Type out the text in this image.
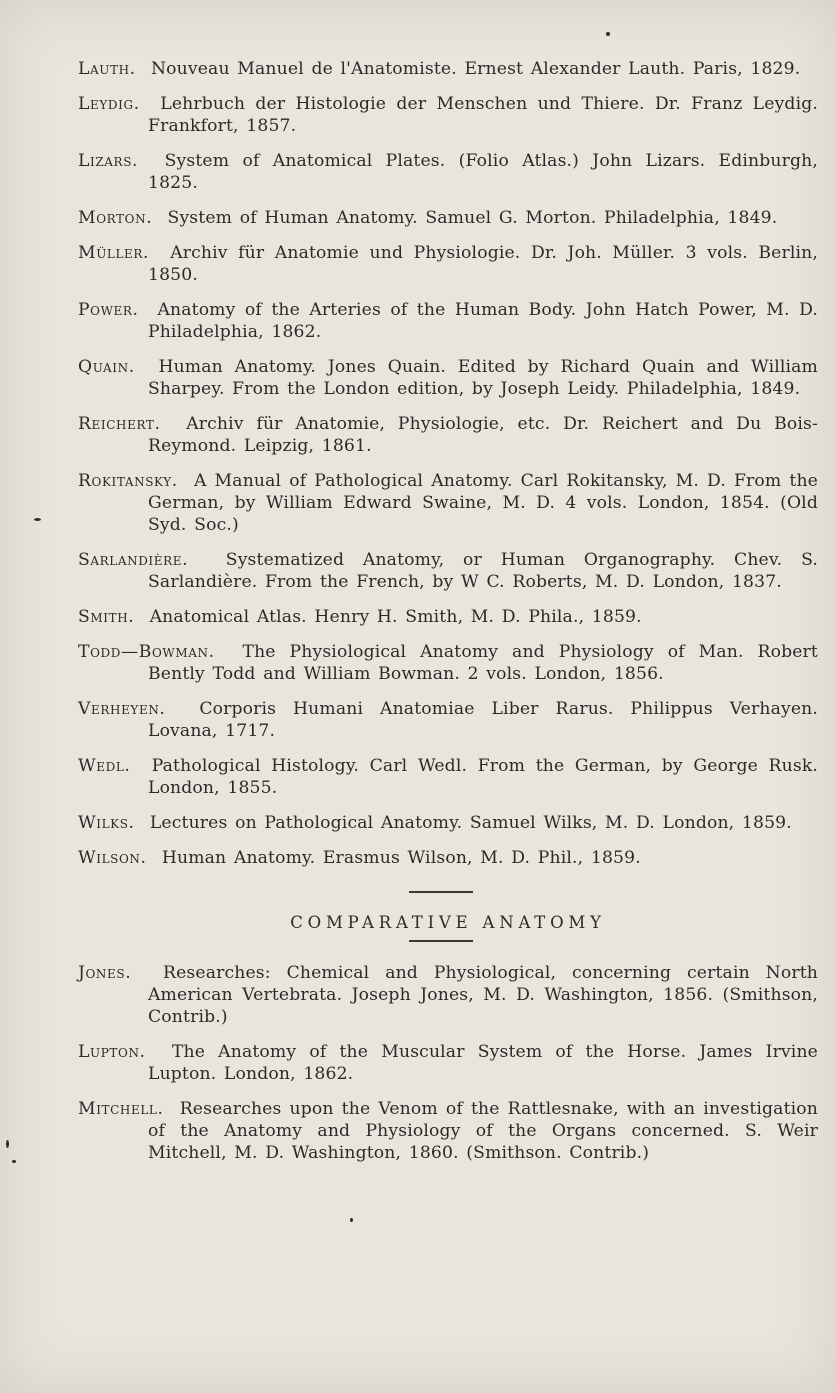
Lauth. Nouveau Manuel de l'Anatomiste. Ernest Alexander Lauth. Paris, 1829.

Leydig. Lehrbuch der Histologie der Menschen und Thiere. Dr. Franz Leydig. Frankfort, 1857.

Lizars. System of Anatomical Plates. (Folio Atlas.) John Lizars. Edinburgh, 1825.

Morton. System of Human Anatomy. Samuel G. Morton. Philadelphia, 1849.

Müller. Archiv für Anatomie und Physiologie. Dr. Joh. Müller. 3 vols. Berlin, 1850.

Power. Anatomy of the Arteries of the Human Body. John Hatch Power, M. D. Philadelphia, 1862.

Quain. Human Anatomy. Jones Quain. Edited by Richard Quain and William Sharpey. From the London edition, by Joseph Leidy. Philadelphia, 1849.

Reichert. Archiv für Anatomie, Physiologie, etc. Dr. Reichert and Du Bois-Reymond. Leipzig, 1861.

Rokitansky. A Manual of Pathological Anatomy. Carl Rokitansky, M. D. From the German, by William Edward Swaine, M. D. 4 vols. London, 1854. (Old Syd. Soc.)

Sarlandière. Systematized Anatomy, or Human Organography. Chev. S. Sarlandière. From the French, by W C. Roberts, M. D. London, 1837.

Smith. Anatomical Atlas. Henry H. Smith, M. D. Phila., 1859.

Todd—Bowman. The Physiological Anatomy and Physiology of Man. Robert Bently Todd and William Bowman. 2 vols. London, 1856.

Verheyen. Corporis Humani Anatomiae Liber Rarus. Philippus Verhayen. Lovana, 1717.

Wedl. Pathological Histology. Carl Wedl. From the German, by George Rusk. London, 1855.

Wilks. Lectures on Pathological Anatomy. Samuel Wilks, M. D. London, 1859.

Wilson. Human Anatomy. Erasmus Wilson, M. D. Phil., 1859.

COMPARATIVE ANATOMY

Jones. Researches: Chemical and Physiological, concerning certain North American Vertebrata. Joseph Jones, M. D. Washington, 1856. (Smithson, Contrib.)

Lupton. The Anatomy of the Muscular System of the Horse. James Irvine Lupton. London, 1862.

Mitchell. Researches upon the Venom of the Rattlesnake, with an investigation of the Anatomy and Physiology of the Organs concerned. S. Weir Mitchell, M. D. Washington, 1860. (Smithson. Contrib.)
